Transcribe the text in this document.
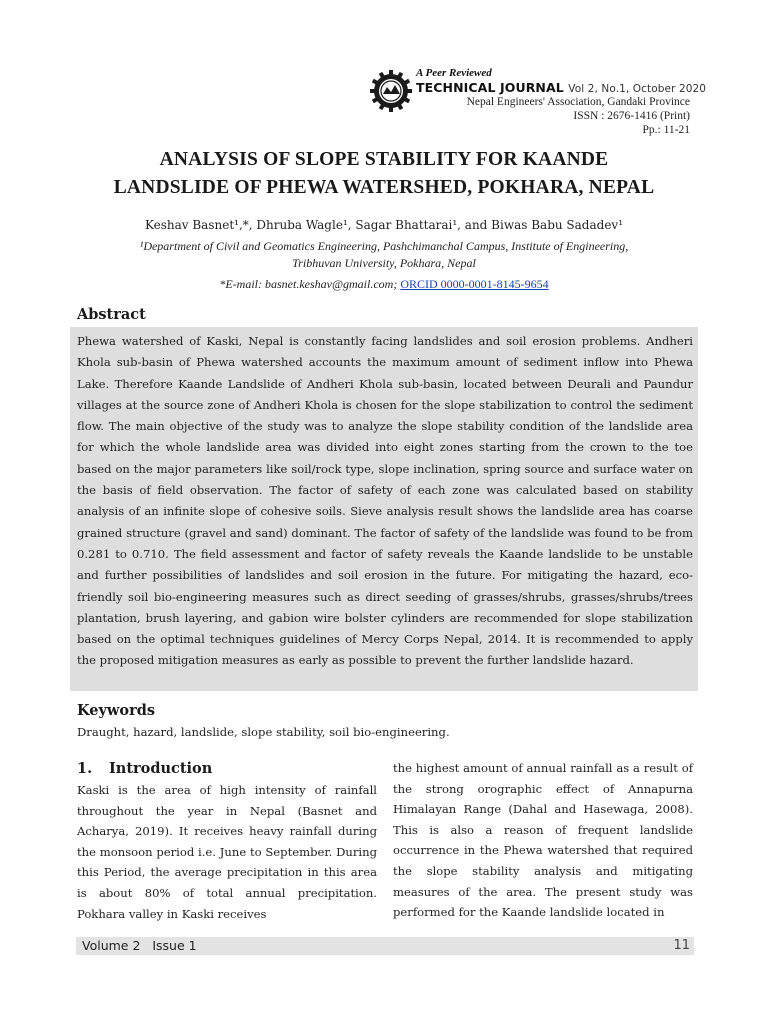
A Peer Reviewed
TECHNICAL JOURNAL Vol 2, No.1, October 2020
Nepal Engineers' Association, Gandaki Province
ISSN : 2676-1416 (Print)
Pp.: 11-21
ANALYSIS OF SLOPE STABILITY FOR KAANDE
LANDSLIDE OF PHEWA WATERSHED, POKHARA, NEPAL
Keshav Basnet¹,*, Dhruba Wagle¹, Sagar Bhattarai¹, and Biwas Babu Sadadev¹
¹Department of Civil and Geomatics Engineering, Pashchimanchal Campus, Institute of Engineering,
Tribhuvan University, Pokhara, Nepal
*E-mail: basnet.keshav@gmail.com; ORCID 0000-0001-8145-9654
Abstract
Phewa watershed of Kaski, Nepal is constantly facing landslides and soil erosion problems. Andheri Khola sub-basin of Phewa watershed accounts the maximum amount of sediment inflow into Phewa Lake. Therefore Kaande Landslide of Andheri Khola sub-basin, located between Deurali and Paundur villages at the source zone of Andheri Khola is chosen for the slope stabilization to control the sediment flow. The main objective of the study was to analyze the slope stability condition of the landslide area for which the whole landslide area was divided into eight zones starting from the crown to the toe based on the major parameters like soil/rock type, slope inclination, spring source and surface water on the basis of field observation. The factor of safety of each zone was calculated based on stability analysis of an infinite slope of cohesive soils. Sieve analysis result shows the landslide area has coarse grained structure (gravel and sand) dominant. The factor of safety of the landslide was found to be from 0.281 to 0.710. The field assessment and factor of safety reveals the Kaande landslide to be unstable and further possibilities of landslides and soil erosion in the future. For mitigating the hazard, eco-friendly soil bio-engineering measures such as direct seeding of grasses/shrubs, grasses/shrubs/trees plantation, brush layering, and gabion wire bolster cylinders are recommended for slope stabilization based on the optimal techniques guidelines of Mercy Corps Nepal, 2014. It is recommended to apply the proposed mitigation measures as early as possible to prevent the further landslide hazard.
Keywords
Draught, hazard, landslide, slope stability, soil bio-engineering.
1. Introduction
Kaski is the area of high intensity of rainfall throughout the year in Nepal (Basnet and Acharya, 2019). It receives heavy rainfall during the monsoon period i.e. June to September. During this Period, the average precipitation in this area is about 80% of total annual precipitation. Pokhara valley in Kaski receives
the highest amount of annual rainfall as a result of the strong orographic effect of Annapurna Himalayan Range (Dahal and Hasewaga, 2008). This is also a reason of frequent landslide occurrence in the Phewa watershed that required the slope stability analysis and mitigating measures of the area. The present study was performed for the Kaande landslide located in
Volume 2 Issue 1	11
